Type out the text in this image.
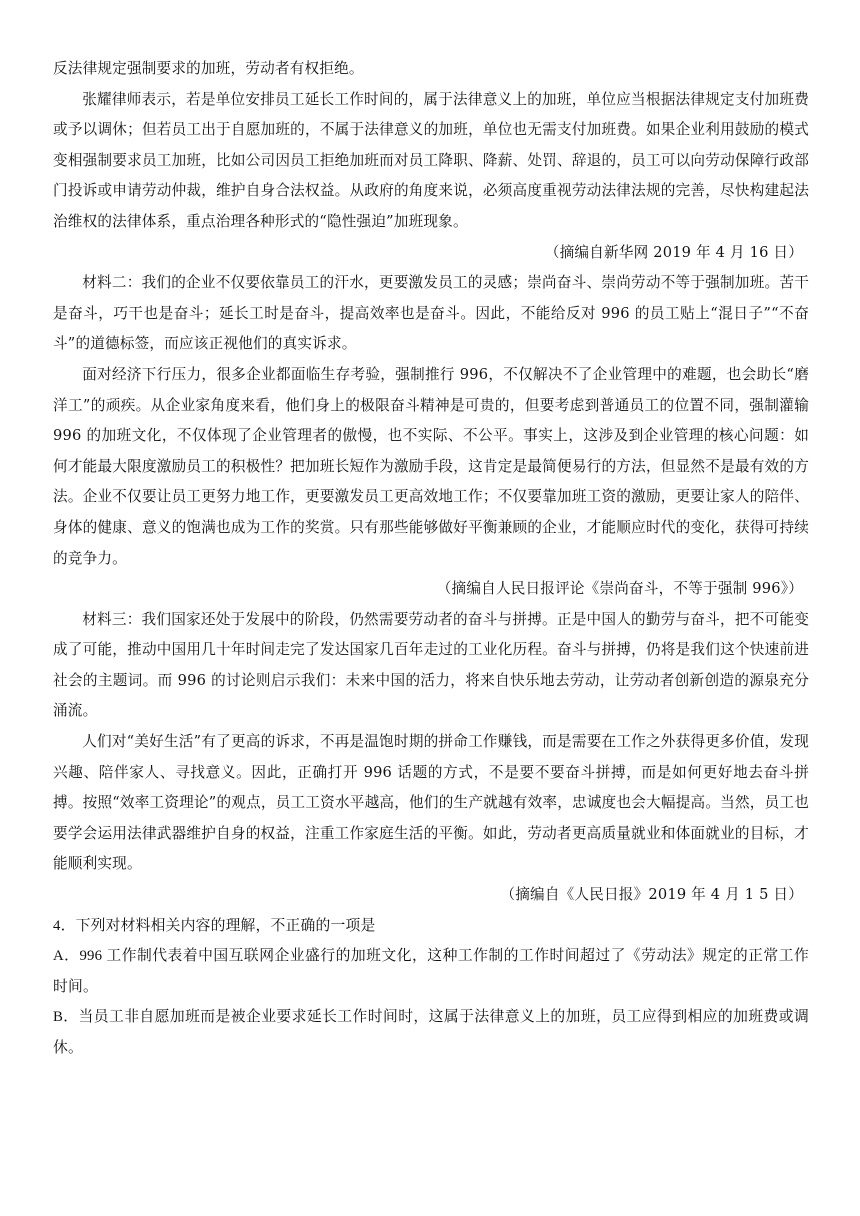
反法律规定强制要求的加班，劳动者有权拒绝。

张耀律师表示，若是单位安排员工延长工作时间的，属于法律意义上的加班，单位应当根据法律规定支付加班费或予以调休；但若员工出于自愿加班的，不属于法律意义的加班，单位也无需支付加班费。如果企业利用鼓励的模式变相强制要求员工加班，比如公司因员工拒绝加班而对员工降职、降薪、处罚、辞退的，员工可以向劳动保障行政部门投诉或申请劳动仲裁，维护自身合法权益。从政府的角度来说，必须高度重视劳动法律法规的完善，尽快构建起法治维权的法律体系，重点治理各种形式的“隐性强迫”加班现象。

（摘编自新华网 2019 年 4 月 16 日）

材料二：我们的企业不仅要依靠员工的汗水，更要激发员工的灵感；崇尚奋斗、崇尚劳动不等于强制加班。苦干是奋斗，巧干也是奋斗；延长工时是奋斗，提高效率也是奋斗。因此，不能给反对 996 的员工贴上“混日子”“不奋斗”的道德标签，而应该正视他们的真实诉求。

面对经济下行压力，很多企业都面临生存考验，强制推行 996，不仅解决不了企业管理中的难题，也会助长“磨洋工”的顽疾。从企业家角度来看，他们身上的极限奋斗精神是可贵的，但要考虑到普通员工的位置不同，强制灌输 996 的加班文化，不仅体现了企业管理者的傲慢，也不实际、不公平。事实上，这涉及到企业管理的核心问题：如何才能最大限度激励员工的积极性？把加班长短作为激励手段，这肯定是最简便易行的方法，但显然不是最有效的方法。企业不仅要让员工更努力地工作，更要激发员工更高效地工作；不仅要靠加班工资的激励，更要让家人的陪伴、身体的健康、意义的饱满也成为工作的奖赏。只有那些能够做好平衡兼顾的企业，才能顺应时代的变化，获得可持续的竞争力。

（摘编自人民日报评论《崇尚奋斗，不等于强制 996》）

材料三：我们国家还处于发展中的阶段，仍然需要劳动者的奋斗与拼搏。正是中国人的勤劳与奋斗，把不可能变成了可能，推动中国用几十年时间走完了发达国家几百年走过的工业化历程。奋斗与拼搏，仍将是我们这个快速前进社会的主题词。而 996 的讨论则启示我们：未来中国的活力，将来自快乐地去劳动，让劳动者创新创造的源泉充分涌流。

人们对“美好生活”有了更高的诉求，不再是温饱时期的拼命工作赚钱，而是需要在工作之外获得更多价值，发现兴趣、陪伴家人、寻找意义。因此，正确打开 996 话题的方式，不是要不要奋斗拼搏，而是如何更好地去奋斗拼搏。按照“效率工资理论”的观点，员工工资水平越高，他们的生产就越有效率，忠诚度也会大幅提高。当然，员工也要学会运用法律武器维护自身的权益，注重工作家庭生活的平衡。如此，劳动者更高质量就业和体面就业的目标，才能顺利实现。

（摘编自《人民日报》2019 年 4 月 1 5 日）

4．下列对材料相关内容的理解，不正确的一项是

A．996 工作制代表着中国互联网企业盛行的加班文化，这种工作制的工作时间超过了《劳动法》规定的正常工作时间。

B．当员工非自愿加班而是被企业要求延长工作时间时，这属于法律意义上的加班，员工应得到相应的加班费或调休。
